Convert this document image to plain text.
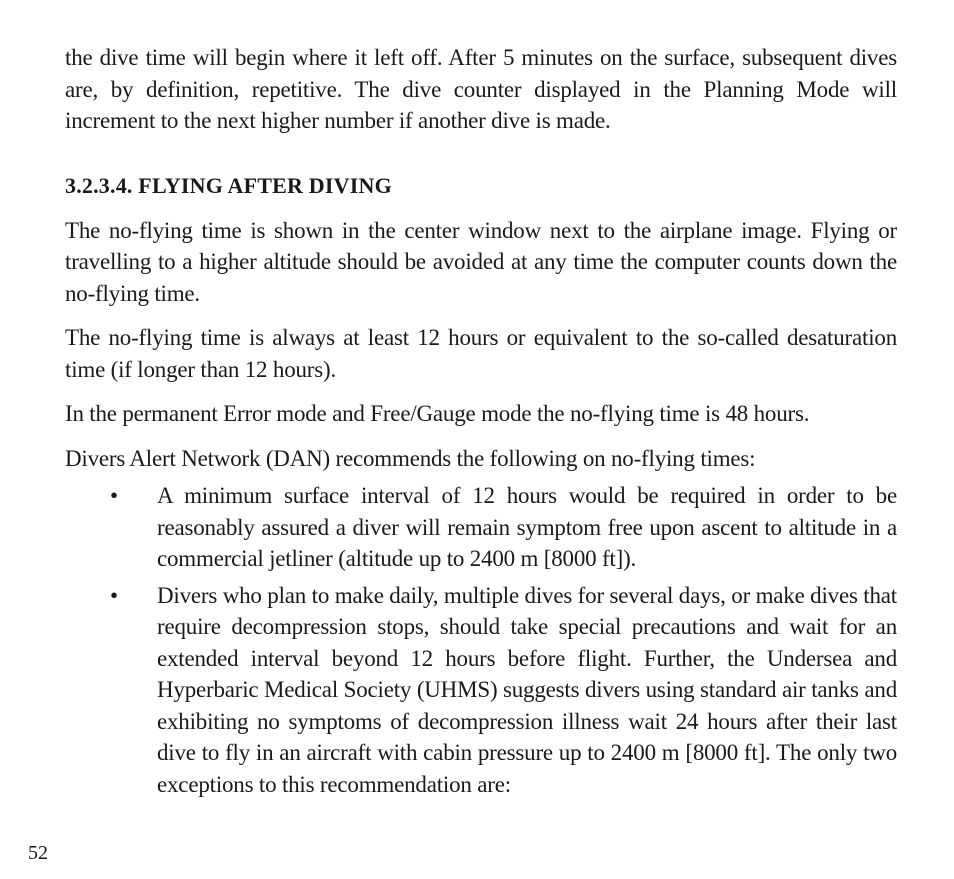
the dive time will begin where it left off. After 5 minutes on the surface, subsequent dives are, by definition, repetitive. The dive counter displayed in the Planning Mode will increment to the next higher number if another dive is made.

3.2.3.4. FLYING AFTER DIVING

The no-flying time is shown in the center window next to the airplane image. Flying or travelling to a higher altitude should be avoided at any time the computer counts down the no-flying time.

The no-flying time is always at least 12 hours or equivalent to the so-called desaturation time (if longer than 12 hours).

In the permanent Error mode and Free/Gauge mode the no-flying time is 48 hours.

Divers Alert Network (DAN) recommends the following on no-flying times:

• A minimum surface interval of 12 hours would be required in order to be reasonably assured a diver will remain symptom free upon ascent to altitude in a commercial jetliner (altitude up to 2400 m [8000 ft]).
• Divers who plan to make daily, multiple dives for several days, or make dives that require decompression stops, should take special precautions and wait for an extended interval beyond 12 hours before flight. Further, the Undersea and Hyperbaric Medical Society (UHMS) suggests divers using standard air tanks and exhibiting no symptoms of decompression illness wait 24 hours after their last dive to fly in an aircraft with cabin pressure up to 2400 m [8000 ft]. The only two exceptions to this recommendation are:
52
